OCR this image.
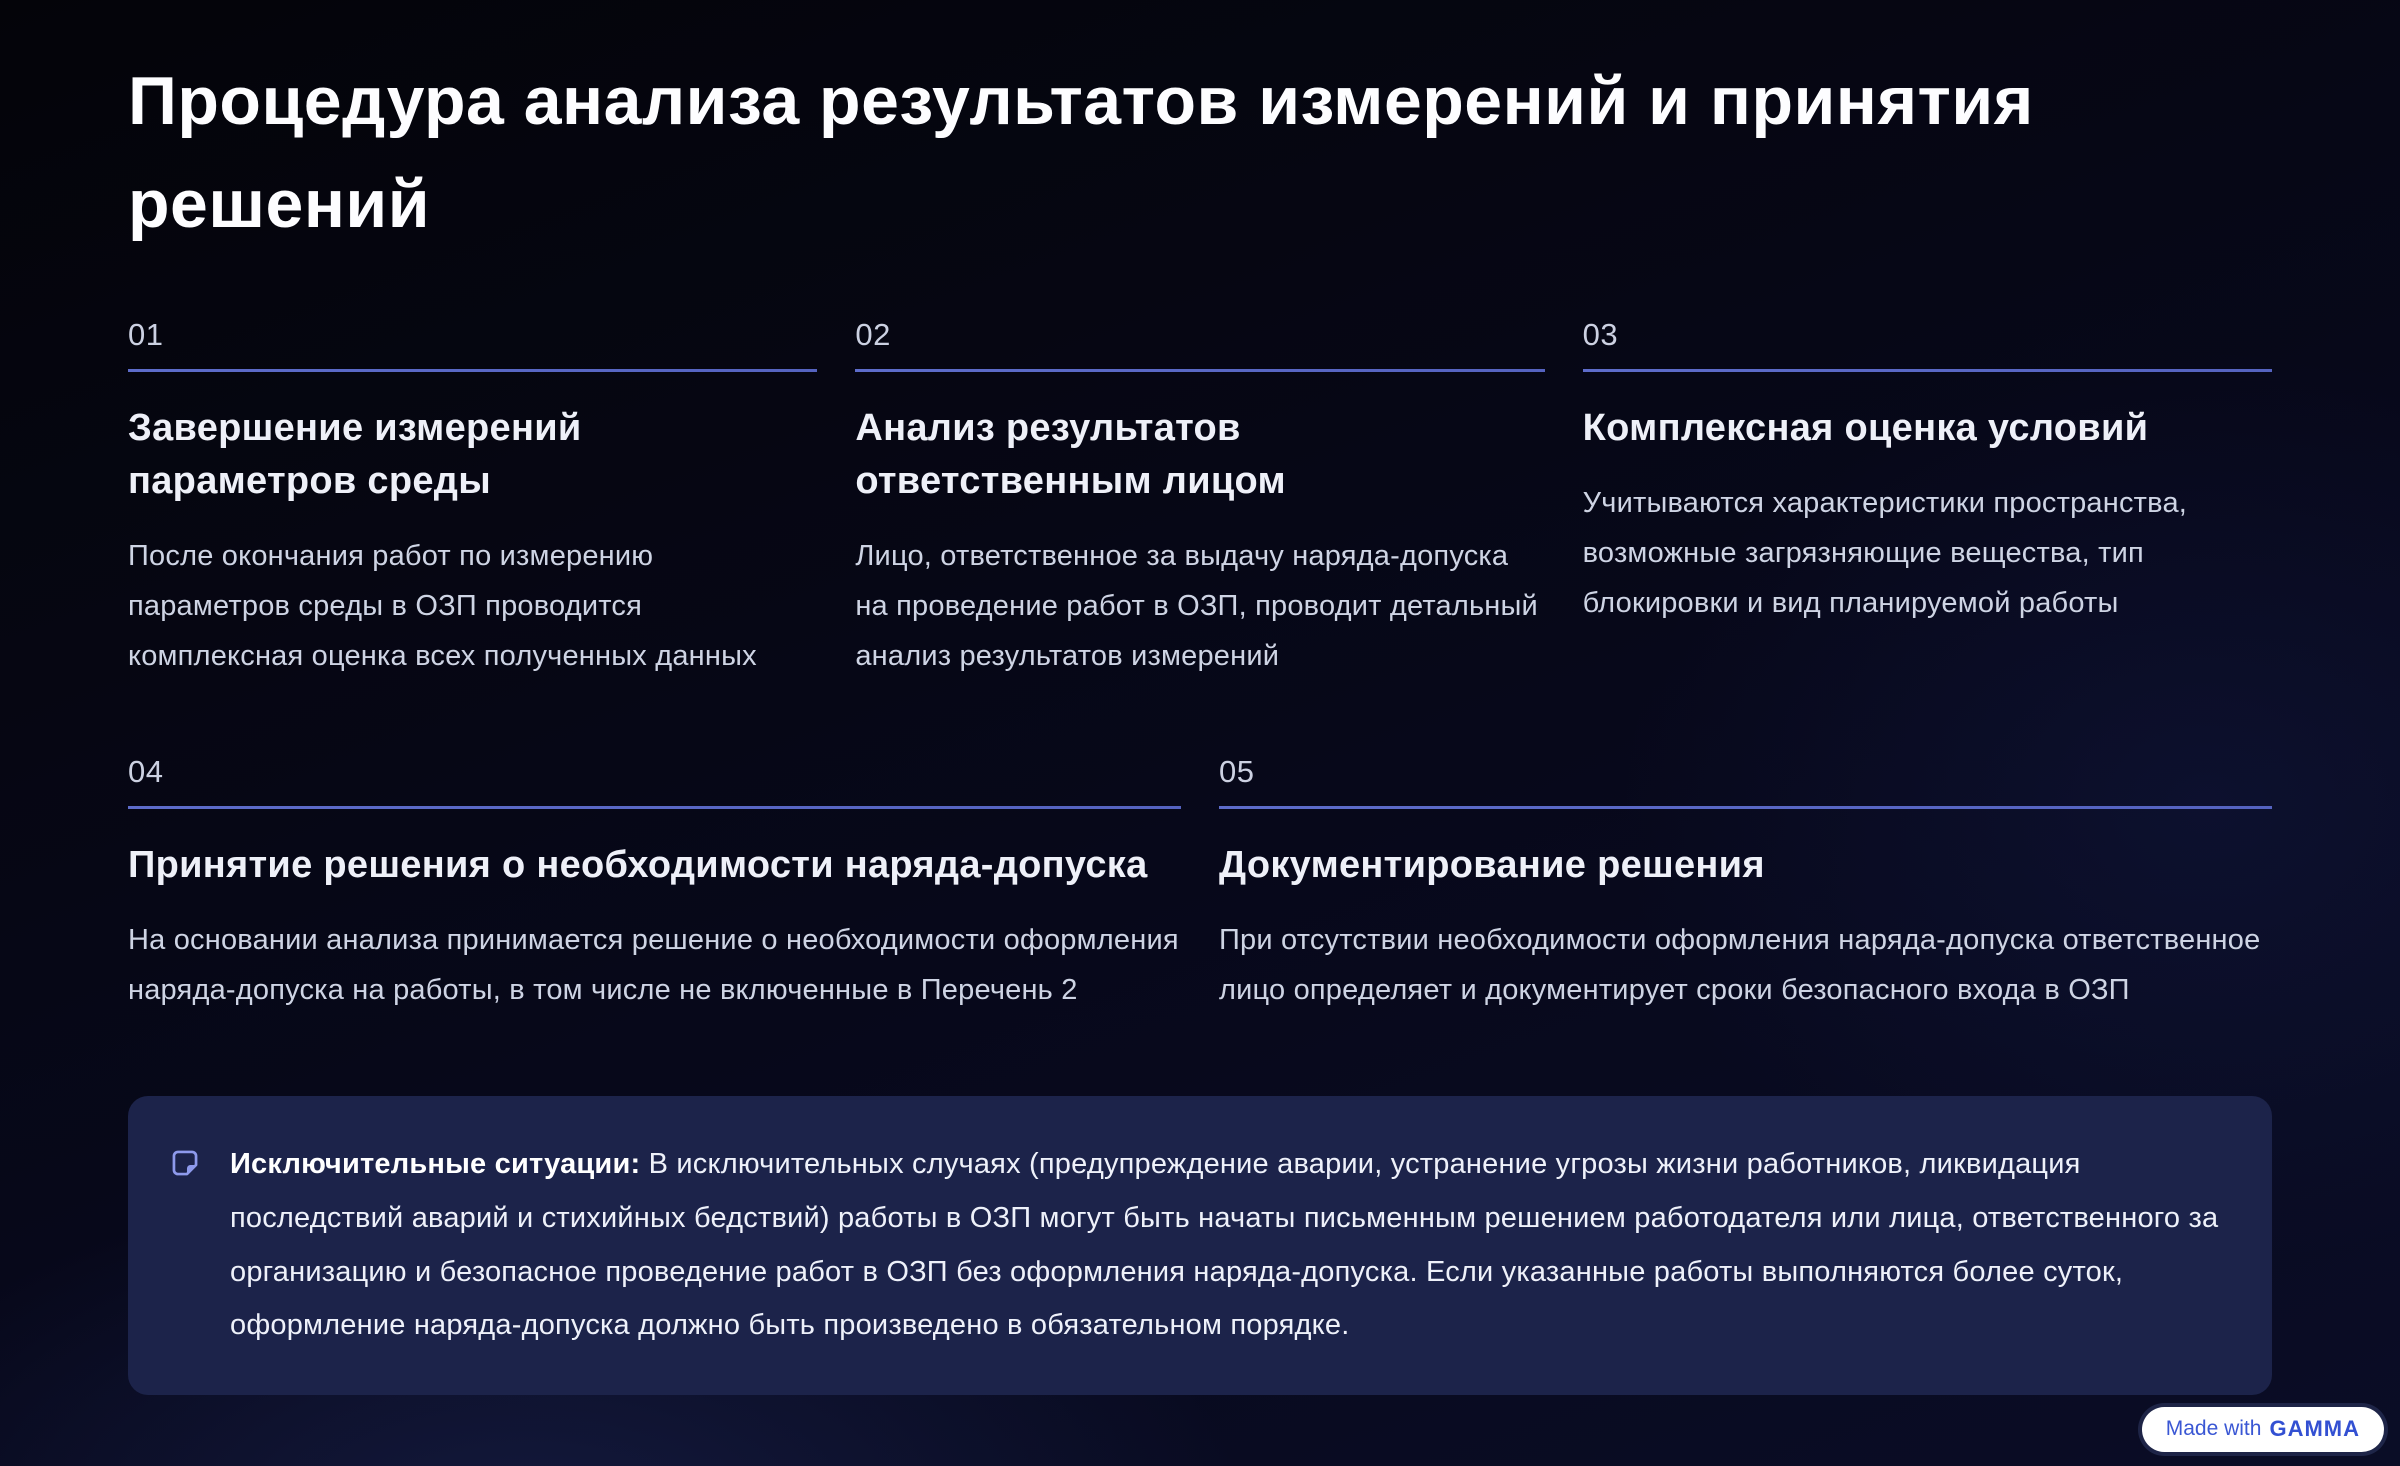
Процедура анализа результатов измерений и принятия решений
01
Завершение измерений параметров среды
После окончания работ по измерению параметров среды в ОЗП проводится комплексная оценка всех полученных данных
02
Анализ результатов ответственным лицом
Лицо, ответственное за выдачу наряда-допуска на проведение работ в ОЗП, проводит детальный анализ результатов измерений
03
Комплексная оценка условий
Учитываются характеристики пространства, возможные загрязняющие вещества, тип блокировки и вид планируемой работы
04
Принятие решения о необходимости наряда-допуска
На основании анализа принимается решение о необходимости оформления наряда-допуска на работы, в том числе не включенные в Перечень 2
05
Документирование решения
При отсутствии необходимости оформления наряда-допуска ответственное лицо определяет и документирует сроки безопасного входа в ОЗП
Исключительные ситуации: В исключительных случаях (предупреждение аварии, устранение угрозы жизни работников, ликвидация последствий аварий и стихийных бедствий) работы в ОЗП могут быть начаты письменным решением работодателя или лица, ответственного за организацию и безопасное проведение работ в ОЗП без оформления наряда-допуска. Если указанные работы выполняются более суток, оформление наряда-допуска должно быть произведено в обязательном порядке.
Made with GAMMA
